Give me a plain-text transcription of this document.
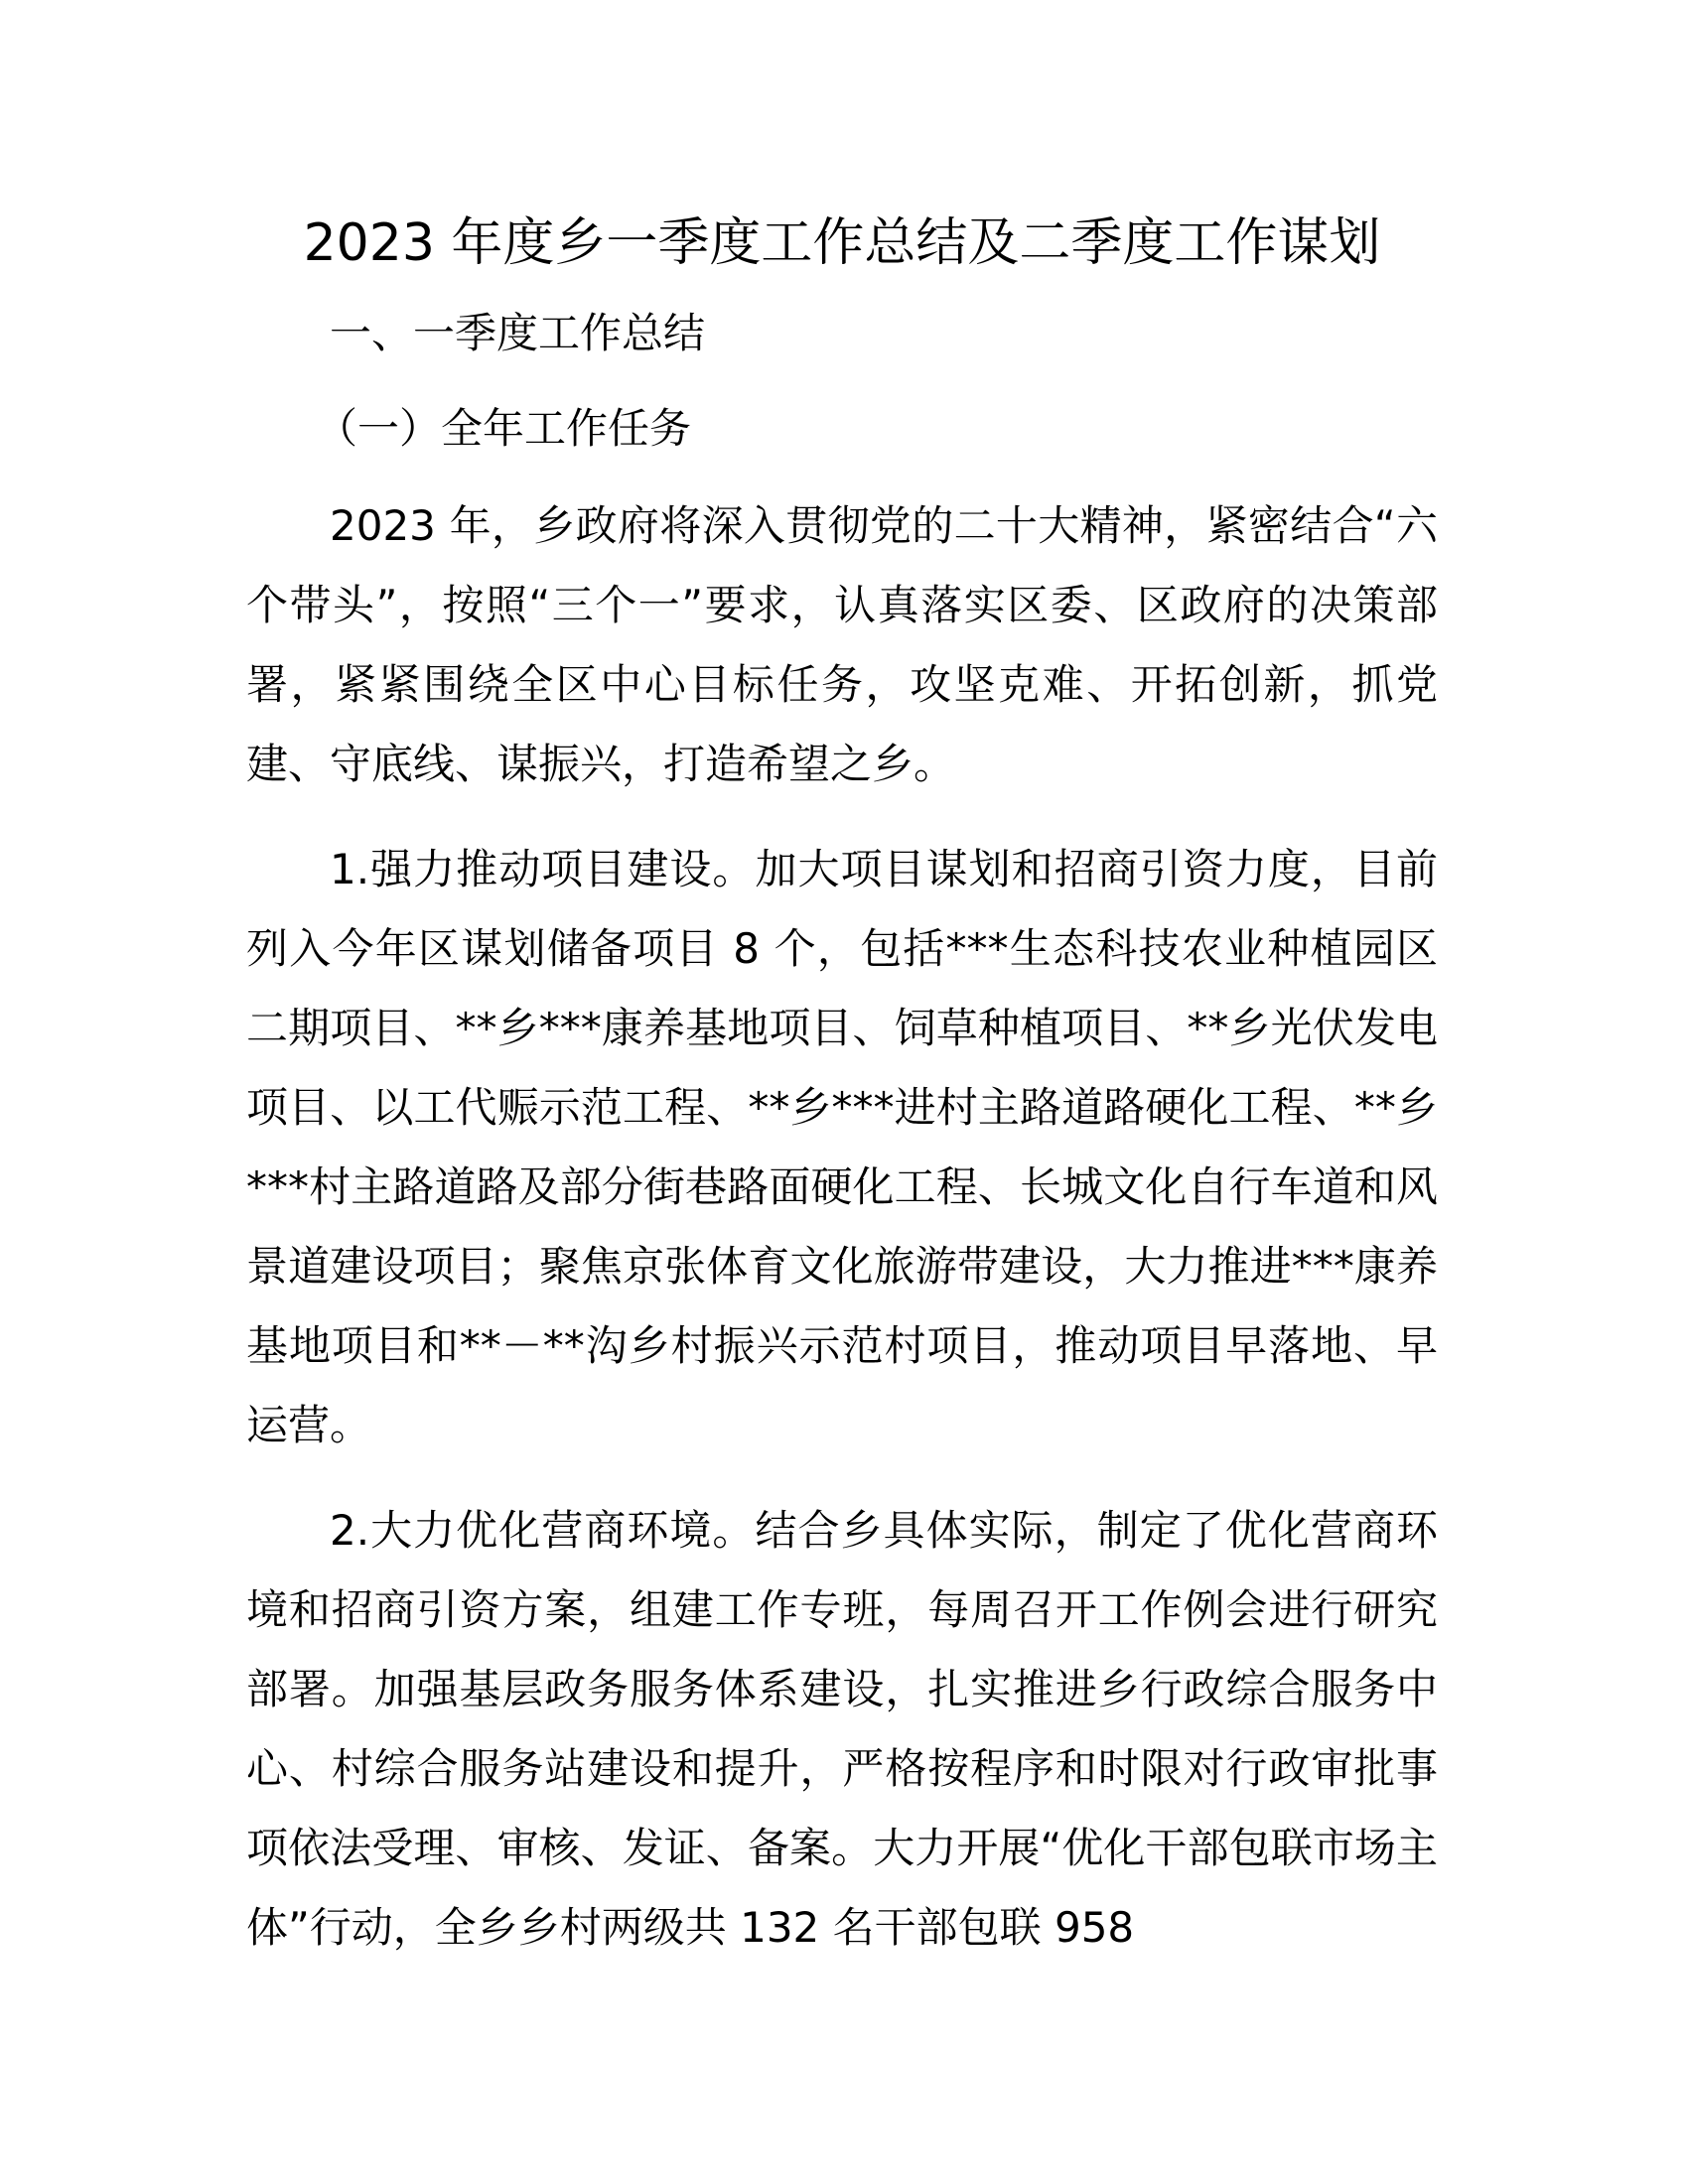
2023 年度乡一季度工作总结及二季度工作谋划

一、一季度工作总结

（一）全年工作任务

2023 年，乡政府将深入贯彻党的二十大精神，紧密结合“六个带头”，按照“三个一”要求，认真落实区委、区政府的决策部署，紧紧围绕全区中心目标任务，攻坚克难、开拓创新，抓党建、守底线、谋振兴，打造希望之乡。

1.强力推动项目建设。加大项目谋划和招商引资力度，目前列入今年区谋划储备项目 8 个，包括***生态科技农业种植园区二期项目、**乡***康养基地项目、饲草种植项目、**乡光伏发电项目、以工代赈示范工程、**乡***进村主路道路硬化工程、**乡***村主路道路及部分街巷路面硬化工程、长城文化自行车道和风景道建设项目；聚焦京张体育文化旅游带建设，大力推进***康养基地项目和**－**沟乡村振兴示范村项目，推动项目早落地、早运营。

2.大力优化营商环境。结合乡具体实际，制定了优化营商环境和招商引资方案，组建工作专班，每周召开工作例会进行研究部署。加强基层政务服务体系建设，扎实推进乡行政综合服务中心、村综合服务站建设和提升，严格按程序和时限对行政审批事项依法受理、审核、发证、备案。大力开展“优化干部包联市场主体”行动，全乡乡村两级共 132 名干部包联 958
